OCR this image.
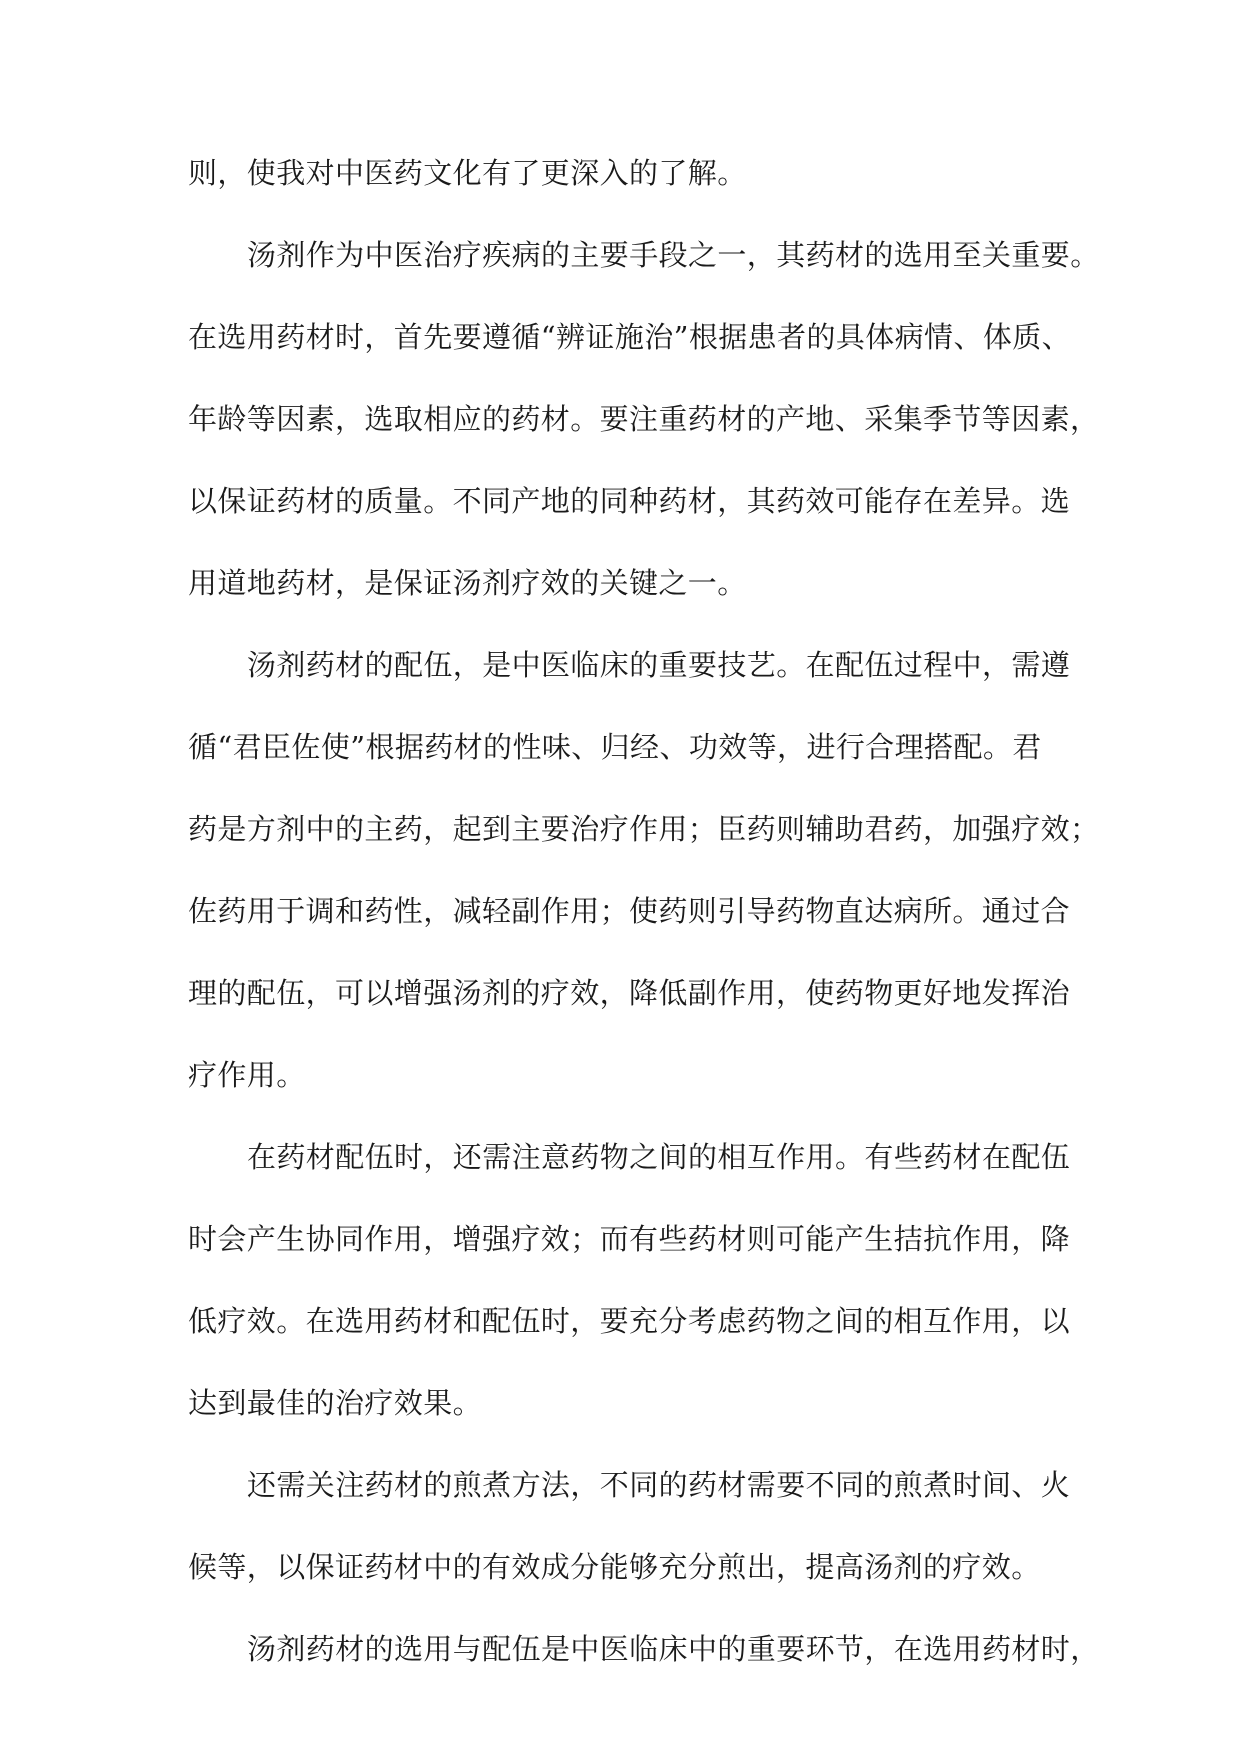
则，使我对中医药文化有了更深入的了解。
汤剂作为中医治疗疾病的主要手段之一，其药材的选用至关重要。
在选用药材时，首先要遵循“辨证施治”根据患者的具体病情、体质、
年龄等因素，选取相应的药材。要注重药材的产地、采集季节等因素，
以保证药材的质量。不同产地的同种药材，其药效可能存在差异。选
用道地药材，是保证汤剂疗效的关键之一。
汤剂药材的配伍，是中医临床的重要技艺。在配伍过程中，需遵
循“君臣佐使”根据药材的性味、归经、功效等，进行合理搭配。君
药是方剂中的主药，起到主要治疗作用；臣药则辅助君药，加强疗效；
佐药用于调和药性，减轻副作用；使药则引导药物直达病所。通过合
理的配伍，可以增强汤剂的疗效，降低副作用，使药物更好地发挥治
疗作用。
在药材配伍时，还需注意药物之间的相互作用。有些药材在配伍
时会产生协同作用，增强疗效；而有些药材则可能产生拮抗作用，降
低疗效。在选用药材和配伍时，要充分考虑药物之间的相互作用，以
达到最佳的治疗效果。
还需关注药材的煎煮方法，不同的药材需要不同的煎煮时间、火
候等，以保证药材中的有效成分能够充分煎出，提高汤剂的疗效。
汤剂药材的选用与配伍是中医临床中的重要环节，在选用药材时，
